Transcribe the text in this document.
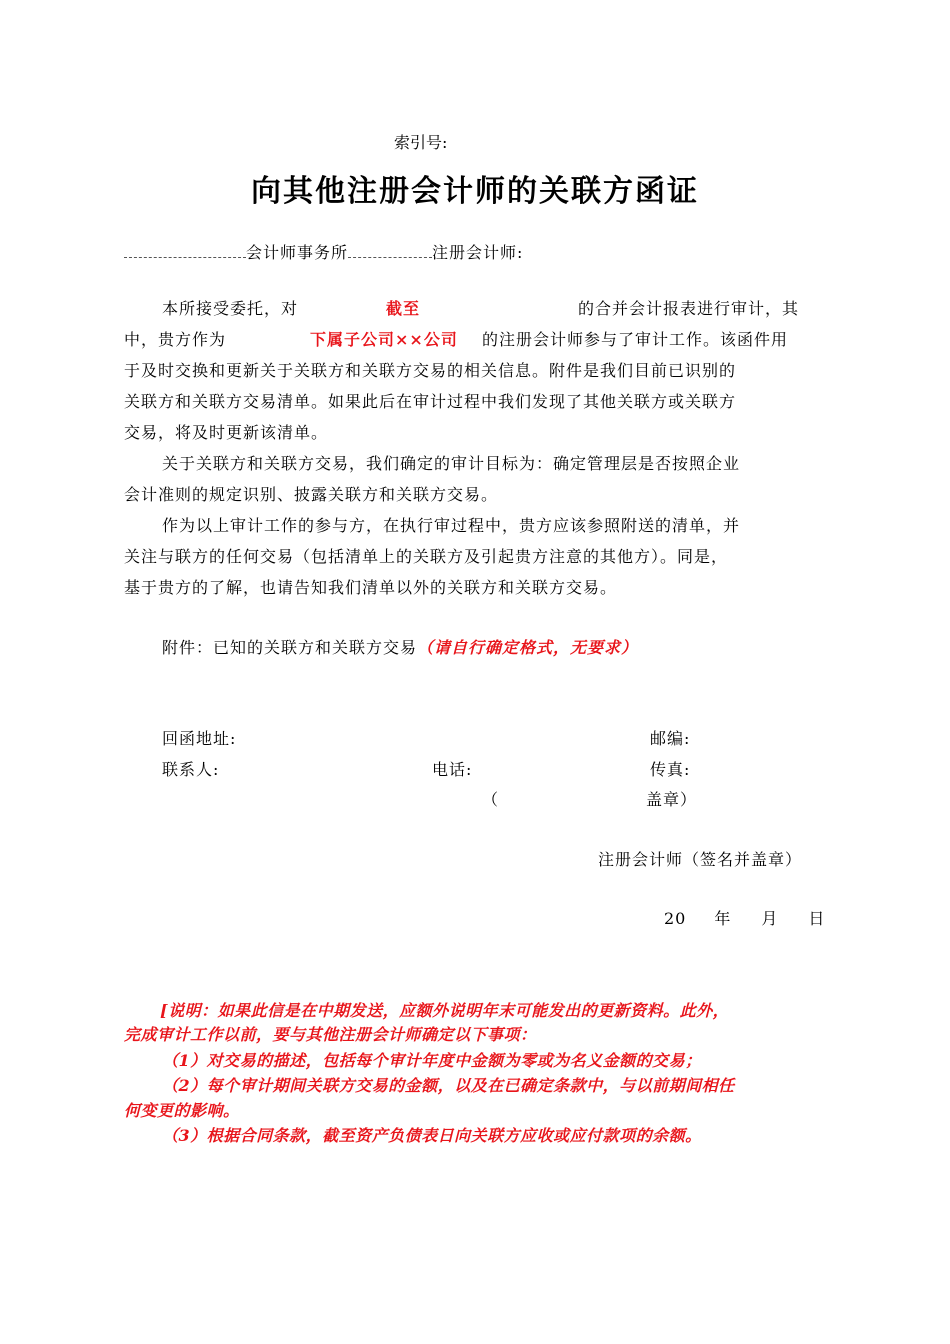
索引号:
向其他注册会计师的关联方函证
会计师事务所	注册会计师:
本所接受委托，对	截至	的合并会计报表进行审计，其
中，贵方作为	下属子公司××公司 的注册会计师参与了审计工作。该函件用
于及时交换和更新关于关联方和关联方交易的相关信息。附件是我们目前已识别的
关联方和关联方交易清单。如果此后在审计过程中我们发现了其他关联方或关联方
交易，将及时更新该清单。
关于关联方和关联方交易，我们确定的审计目标为：确定管理层是否按照企业
会计准则的规定识别、披露关联方和关联方交易。
作为以上审计工作的参与方，在执行审过程中，贵方应该参照附送的清单，并
关注与联方的任何交易（包括清单上的关联方及引起贵方注意的其他方）。同是，
基于贵方的了解，也请告知我们清单以外的关联方和关联方交易。
附件：已知的关联方和关联方交易（请自行确定格式，无要求）
回函地址:	邮编:
联系人:	电话:	传真:
（	盖章）
注册会计师（签名并盖章）
20 年 月 日
[说明：如果此信是在中期发送，应额外说明年末可能发出的更新资料。此外，
完成审计工作以前，要与其他注册会计师确定以下事项：
（1）对交易的描述，包括每个审计年度中金额为零或为名义金额的交易；
（2）每个审计期间关联方交易的金额，以及在已确定条款中，与以前期间相任
何变更的影响。
（3）根据合同条款，截至资产负债表日向关联方应收或应付款项的余额。
